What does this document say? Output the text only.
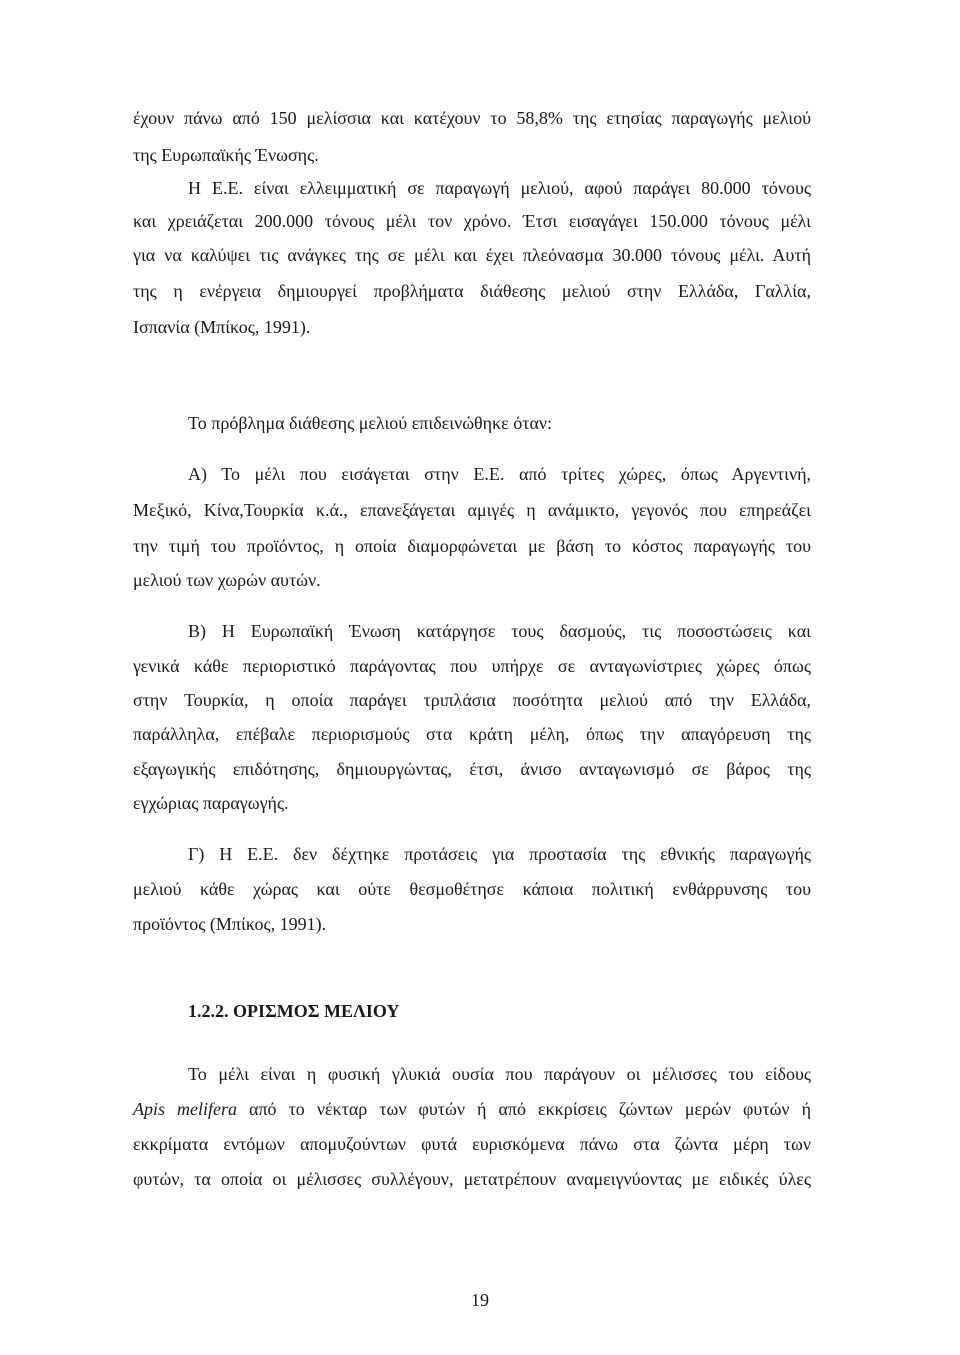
έχουν πάνω από 150 μελίσσια και κατέχουν το 58,8% της ετησίας παραγωγής μελιού
της Ευρωπαϊκής Ένωσης.
Η Ε.Ε. είναι ελλειμματική σε παραγωγή μελιού, αφού παράγει 80.000 τόνους
και χρειάζεται 200.000 τόνους μέλι τον χρόνο. Έτσι εισαγάγει 150.000 τόνους μέλι
για να καλύψει τις ανάγκες της σε μέλι και έχει πλεόνασμα 30.000 τόνους μέλι. Αυτή
της η ενέργεια δημιουργεί προβλήματα διάθεσης μελιού στην Ελλάδα, Γαλλία,
Ισπανία (Μπίκος, 1991).
Το πρόβλημα διάθεσης μελιού επιδεινώθηκε όταν:
Α) Το μέλι που εισάγεται στην Ε.Ε. από τρίτες χώρες, όπως Αργεντινή,
Μεξικό, Κίνα,Τουρκία κ.ά., επανεξάγεται αμιγές η ανάμικτο, γεγονός που επηρεάζει
την τιμή του προϊόντος, η οποία διαμορφώνεται με βάση το κόστος παραγωγής του
μελιού των χωρών αυτών.
Β) Η Ευρωπαϊκή Ένωση κατάργησε τους δασμούς, τις ποσοστώσεις και
γενικά κάθε περιοριστικό παράγοντας που υπήρχε σε ανταγωνίστριες χώρες όπως
στην Τουρκία, η οποία παράγει τριπλάσια ποσότητα μελιού από την Ελλάδα,
παράλληλα, επέβαλε περιορισμούς στα κράτη μέλη, όπως την απαγόρευση της
εξαγωγικής επιδότησης, δημιουργώντας, έτσι, άνισο ανταγωνισμό σε βάρος της
εγχώριας παραγωγής.
Γ) Η Ε.Ε. δεν δέχτηκε προτάσεις για προστασία της εθνικής παραγωγής
μελιού κάθε χώρας και ούτε θεσμοθέτησε κάποια πολιτική ενθάρρυνσης του
προϊόντος (Μπίκος, 1991).
1.2.2. ΟΡΙΣΜΟΣ ΜΕΛΙΟΥ
Το μέλι είναι η φυσική γλυκιά ουσία που παράγουν οι μέλισσες του είδους
Apis melifera από το νέκταρ των φυτών ή από εκκρίσεις ζώντων μερών φυτών ή
εκκρίματα εντόμων απομυζούντων φυτά ευρισκόμενα πάνω στα ζώντα μέρη των
φυτών, τα οποία οι μέλισσες συλλέγουν, μετατρέπουν αναμειγνύοντας με ειδικές ύλες
19
